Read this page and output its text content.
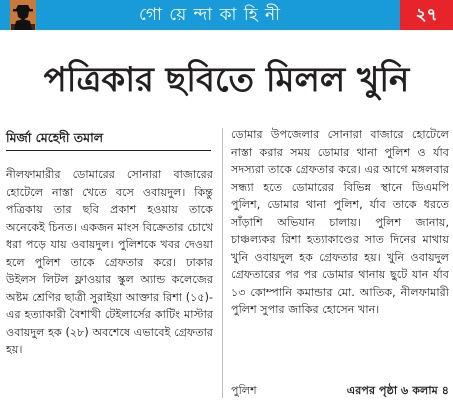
গো য়ে ন্দা কা হি নী	২৭
পত্রিকার ছবিতে মিলল খুনি
মির্জা মেহেদী তমাল
নীলফামারীর ডোমারের সোনারা বাজারের হোটেলে নাস্তা খেতে বসে ওবায়দুল। কিন্তু পত্রিকায় তার ছবি প্রকাশ হওয়ায় তাকে অনেকেই চিনত। একজন মাংস বিক্রেতার চোখে ধরা পড়ে যায় ওবায়দুল। পুলিশকে খবর দেওয়া হলে পুলিশ তাকে গ্রেফতার করে। ঢাকার উইলস লিটল ফ্লাওয়ার স্কুল অ্যান্ড কলেজের অষ্টম শ্রেণির ছাত্রী সুরাইয়া আক্তার রিশা (১৫)-এর হত্যাকারী বৈশাখী টেইলার্সের কাটিং মাস্টার ওবায়দুল হক (২৮) অবশেষে এভাবেই গ্রেফতার হয়।
ডোমার উপজেলার সোনারা বাজারে হোটেলে নাস্তা করার সময় ডোমার থানা পুলিশ ও র্যাব সদস্যরা তাকে গ্রেফতার করে। এর আগে মঙ্গলবার সন্ধ্যা হতে ডোমারের বিভিন্ন স্থানে ডিএমপি পুলিশ, ডোমার থানা পুলিশ, র্যাব তাকে ধরতে সাঁড়াশি অভিযান চালায়। পুলিশ জানায়, চাঞ্চল্যকর রিশা হত্যাকাণ্ডের সাত দিনের মাথায় খুনি ওবায়দুল হক গ্রেফতার হয়। খুনি ওবায়দুল গ্রেফতারের পর পর ডোমার থানায় ছুটে যান র্যাব ১৩ কোম্পানি কমান্ডার মো. আতিক, নীলফামারী পুলিশ সুপার জাকির হোসেন খান।
পুলিশ	এরপর পৃষ্ঠা ৬ কলাম ৪
